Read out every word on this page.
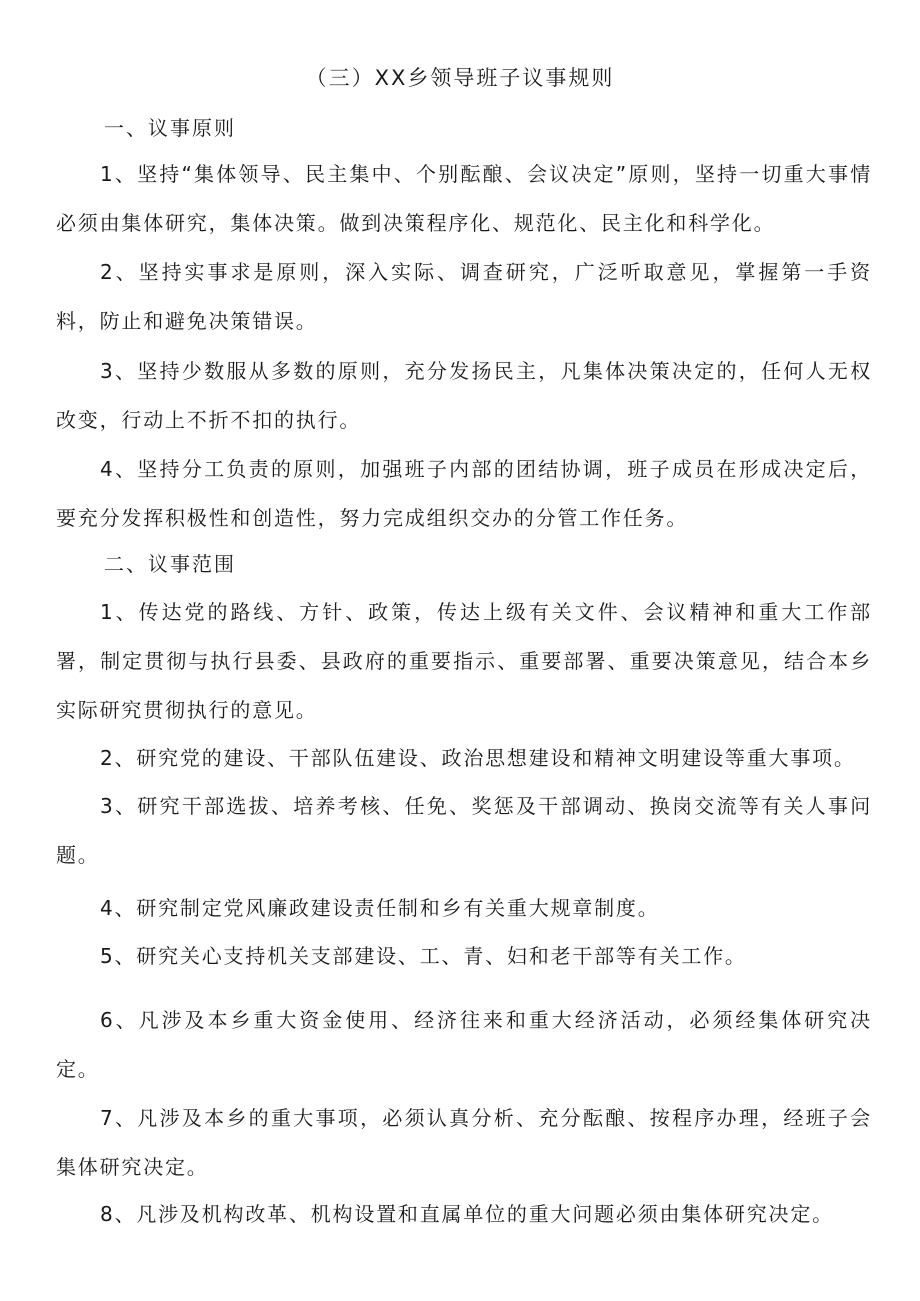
（三）XX乡领导班子议事规则
一、议事原则

1、坚持“集体领导、民主集中、个别酝酿、会议决定”原则，坚持一切重大事情必须由集体研究，集体决策。做到决策程序化、规范化、民主化和科学化。

2、坚持实事求是原则，深入实际、调查研究，广泛听取意见，掌握第一手资料，防止和避免决策错误。

3、坚持少数服从多数的原则，充分发扬民主，凡集体决策决定的，任何人无权改变，行动上不折不扣的执行。

4、坚持分工负责的原则，加强班子内部的团结协调，班子成员在形成决定后，要充分发挥积极性和创造性，努力完成组织交办的分管工作任务。

二、议事范围

1、传达党的路线、方针、政策，传达上级有关文件、会议精神和重大工作部署，制定贯彻与执行县委、县政府的重要指示、重要部署、重要决策意见，结合本乡实际研究贯彻执行的意见。

2、研究党的建设、干部队伍建设、政治思想建设和精神文明建设等重大事项。

3、研究干部选拔、培养考核、任免、奖惩及干部调动、换岗交流等有关人事问题。

4、研究制定党风廉政建设责任制和乡有关重大规章制度。

5、研究关心支持机关支部建设、工、青、妇和老干部等有关工作。

6、凡涉及本乡重大资金使用、经济往来和重大经济活动，必须经集体研究决定。

7、凡涉及本乡的重大事项，必须认真分析、充分酝酿、按程序办理，经班子会集体研究决定。

8、凡涉及机构改革、机构设置和直属单位的重大问题必须由集体研究决定。
